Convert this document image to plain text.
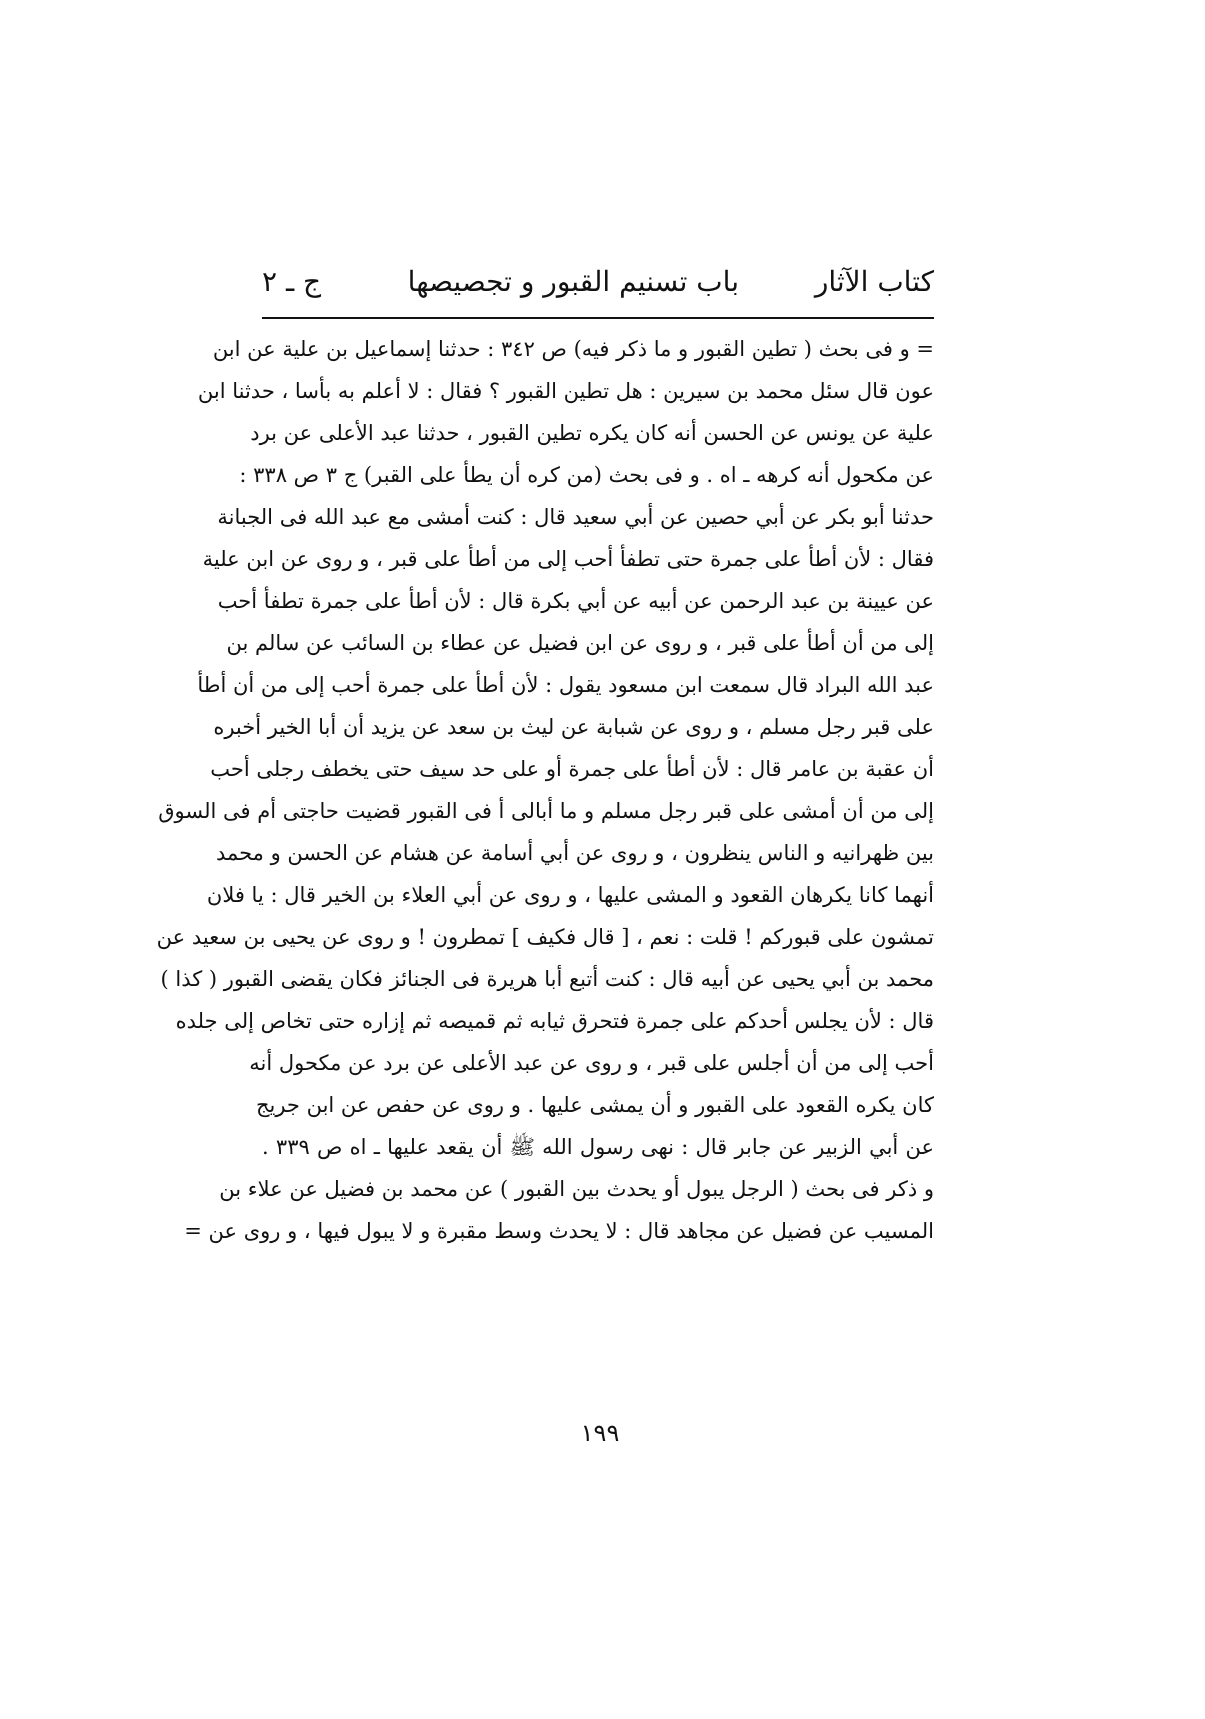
كتاب الآثار
باب تسنيم القبور و تجصيصها
ج ـ ٢
= و فى بحث ( تطين القبور و ما ذكر فيه) ص ٣٤٢ : حدثنا إسماعيل بن علية عن ابن
عون قال سئل محمد بن سيرين : هل تطين القبور ؟ فقال : لا أعلم به بأسا ، حدثنا ابن
علية عن يونس عن الحسن أنه كان يكره تطين القبور ، حدثنا عبد الأعلى عن برد
عن مكحول أنه كرهه ـ اه . و فى بحث (من كره أن يطأ على القبر) ج ٣ ص ٣٣٨ :
حدثنا أبو بكر عن أبي حصين عن أبي سعيد قال : كنت أمشى مع عبد الله فى الجبانة
فقال : لأن أطأ على جمرة حتى تطفأ أحب إلى من أطأ على قبر ، و روى عن ابن علية
عن عيينة بن عبد الرحمن عن أبيه عن أبي بكرة قال : لأن أطأ على جمرة تطفأ أحب
إلى من أن أطأ على قبر ، و روى عن ابن فضيل عن عطاء بن السائب عن سالم بن
عبد الله البراد قال سمعت ابن مسعود يقول : لأن أطأ على جمرة أحب إلى من أن أطأ
على قبر رجل مسلم ، و روى عن شبابة عن ليث بن سعد عن يزيد أن أبا الخير أخبره
أن عقبة بن عامر قال : لأن أطأ على جمرة أو على حد سيف حتى يخطف رجلى أحب
إلى من أن أمشى على قبر رجل مسلم و ما أبالى أ فى القبور قضيت حاجتى أم فى السوق
بين ظهرانيه و الناس ينظرون ، و روى عن أبي أسامة عن هشام عن الحسن و محمد
أنهما كانا يكرهان القعود و المشى عليها ، و روى عن أبي العلاء بن الخير قال : يا فلان
تمشون على قبوركم ! قلت : نعم ، [ قال فكيف ] تمطرون ! و روى عن يحيى بن سعيد عن
محمد بن أبي يحيى عن أبيه قال : كنت أتبع أبا هريرة فى الجنائز فكان يقضى القبور ( كذا )
قال : لأن يجلس أحدكم على جمرة فتحرق ثيابه ثم قميصه ثم إزاره حتى تخاص إلى جلده
أحب إلى من أن أجلس على قبر ، و روى عن عبد الأعلى عن برد عن مكحول أنه
كان يكره القعود على القبور و أن يمشى عليها . و روى عن حفص عن ابن جريج
عن أبي الزبير عن جابر قال : نهى رسول الله ﷺ أن يقعد عليها ـ اه ص ٣٣٩ .
و ذكر فى بحث ( الرجل يبول أو يحدث بين القبور ) عن محمد بن فضيل عن علاء بن
المسيب عن فضيل عن مجاهد قال : لا يحدث وسط مقبرة و لا يبول فيها ، و روى عن =
١٩٩
